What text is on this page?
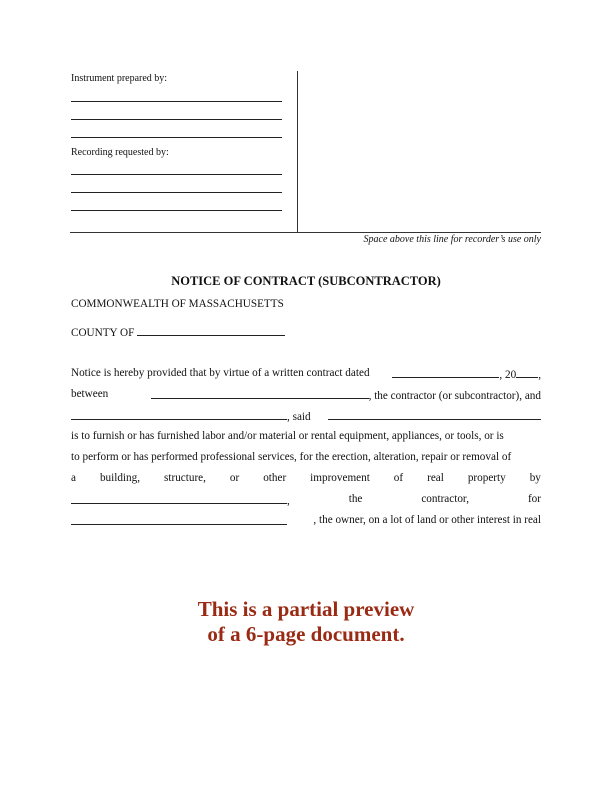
Instrument prepared by:
Recording requested by:
Space above this line for recorder’s use only
NOTICE OF CONTRACT (SUBCONTRACTOR)
COMMONWEALTH OF MASSACHUSETTS
COUNTY OF
Notice is hereby provided that by virtue of a written contract dated	, 20 ,
between	, the contractor (or subcontractor), and
, said
is to furnish or has furnished labor and/or material or rental equipment, appliances, or tools, or is
to perform or has performed professional services, for the erection, alteration, repair or removal of
a building, structure, or other improvement of real property by
,	the	contractor,	for
, the owner, on a lot of land or other interest in real
This is a partial preview
of a 6-page document.
